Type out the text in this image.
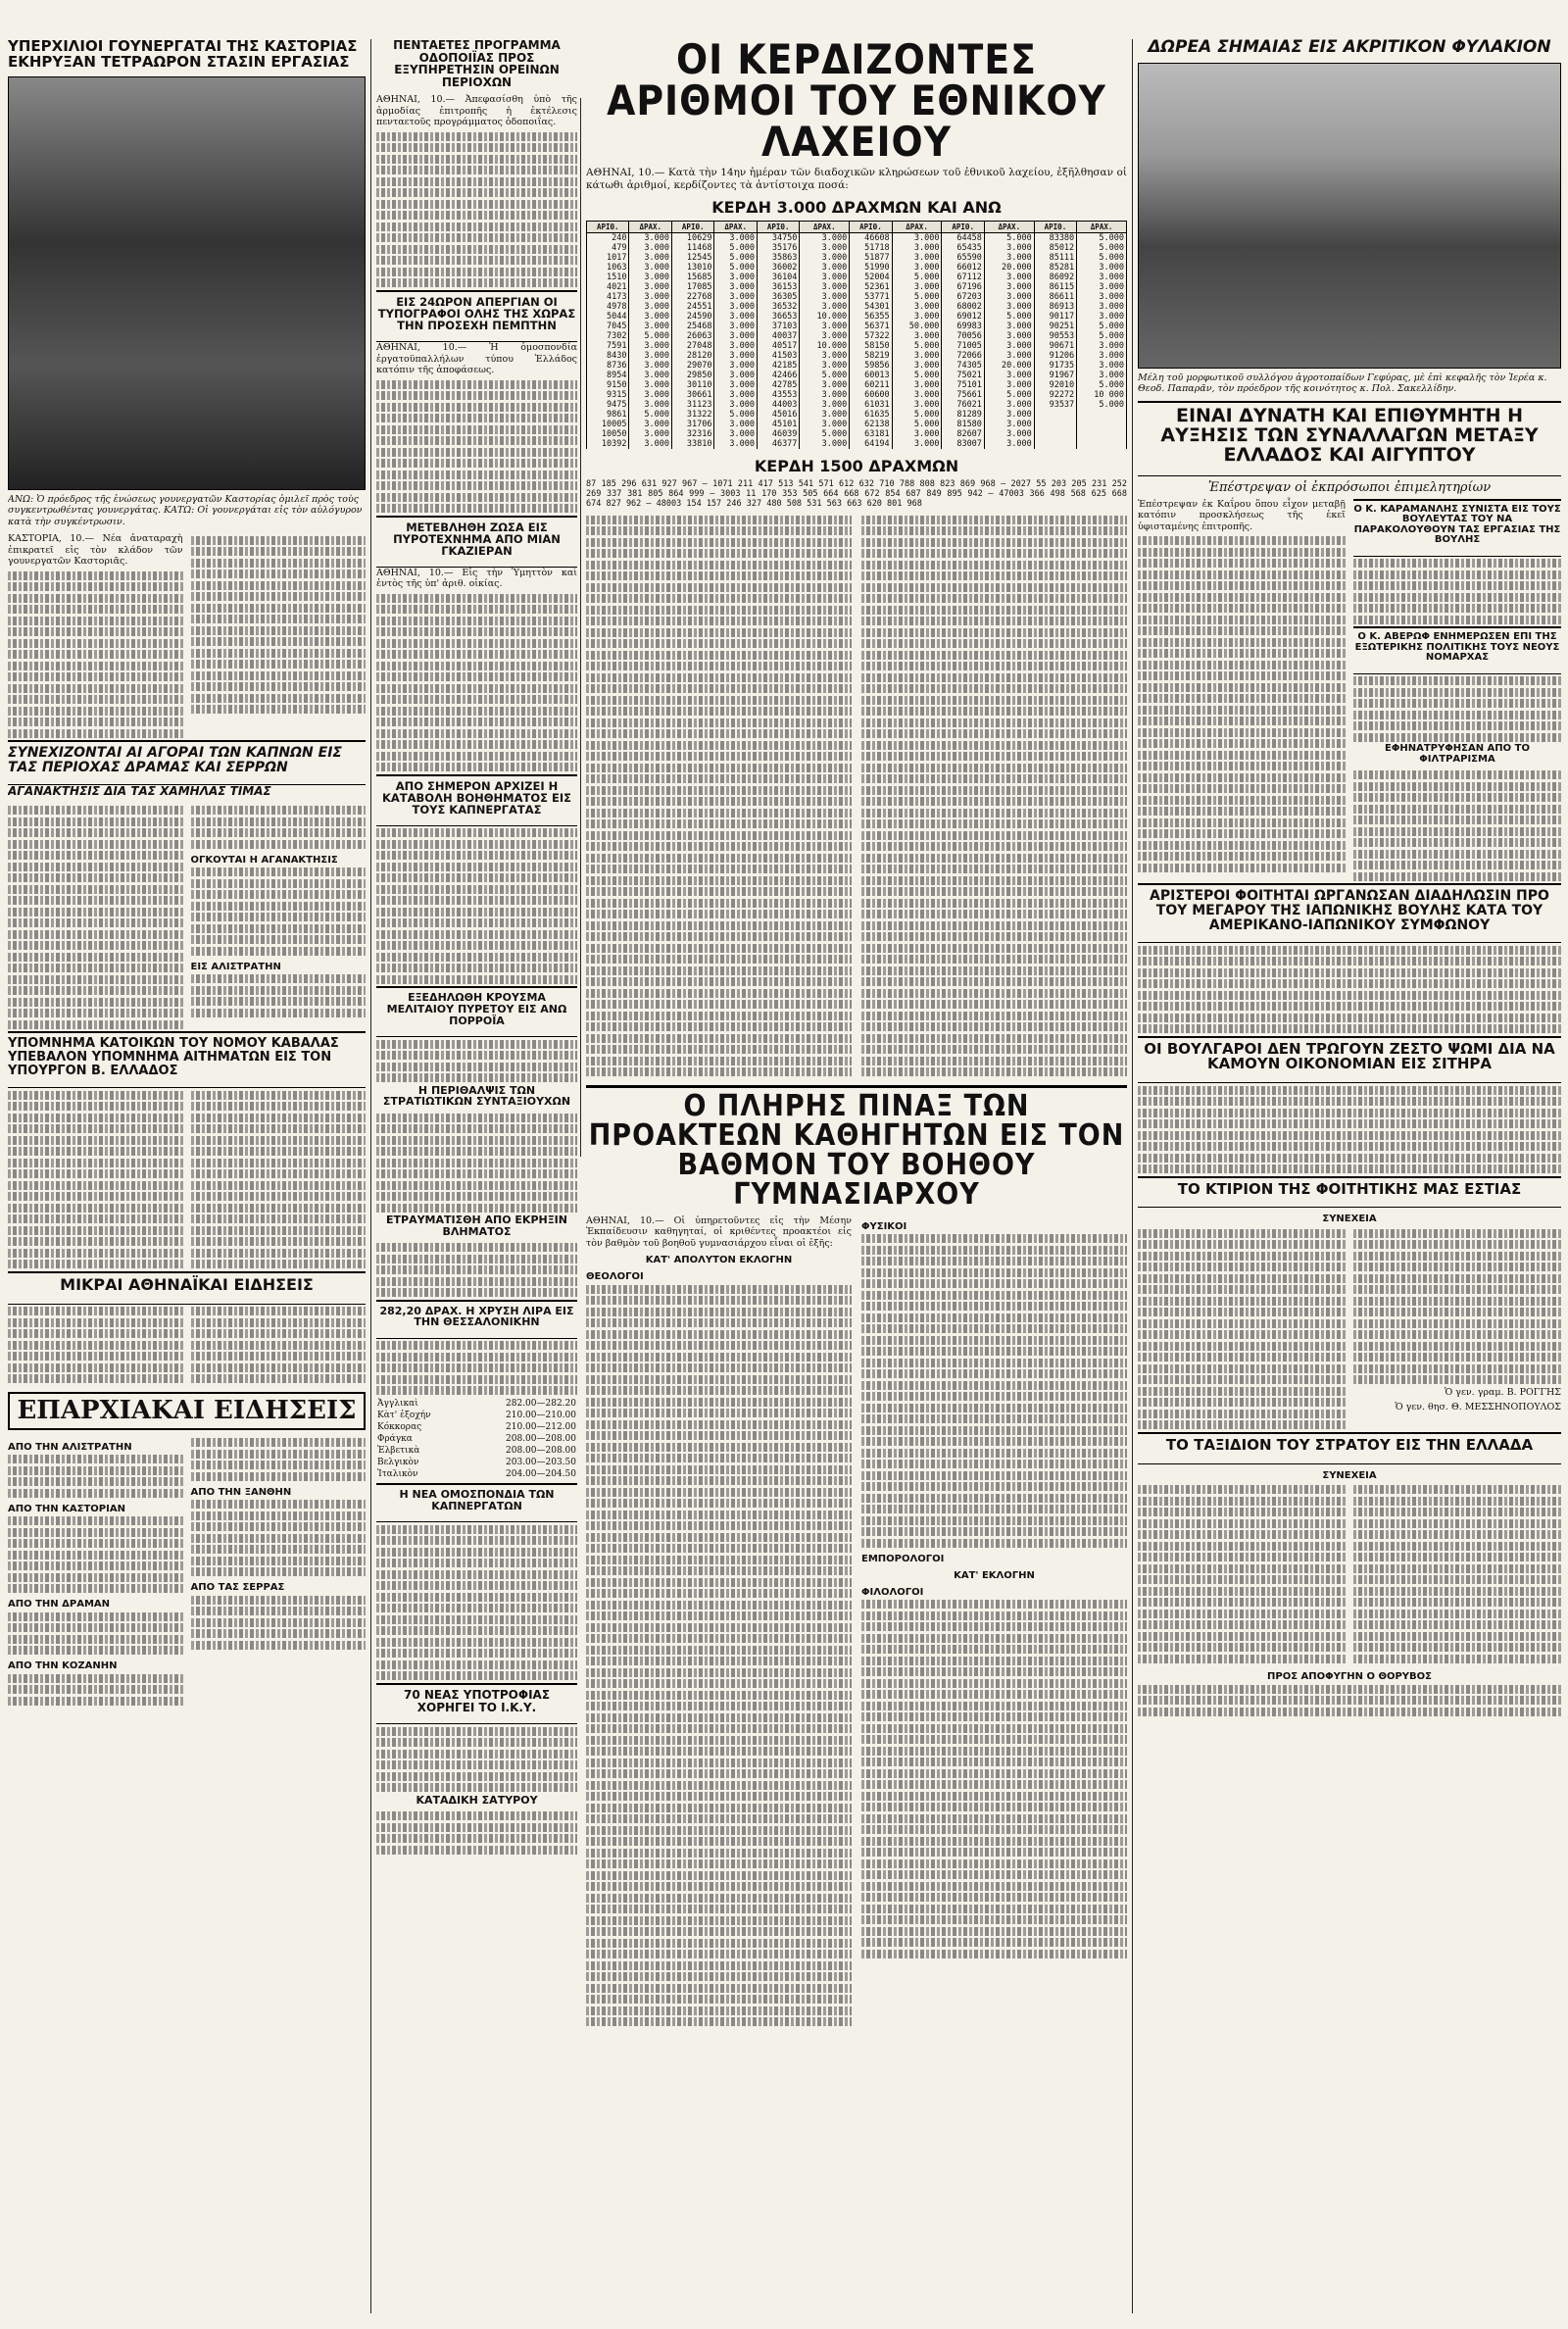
ΥΠΕΡΧΙΛΙΟΙ ΓΟΥΝΕΡΓΑΤΑΙ ΤΗΣ ΚΑΣΤΟΡΙΑΣ ΕΚΗΡΥΞΑΝ ΤΕΤΡΑΩΡΟΝ ΣΤΑΣΙΝ ΕΡΓΑΣΙΑΣ
ΑΝΩ: Ὁ πρόεδρος τῆς ἑνώσεως γουνεργατῶν Καστορίας ὁμιλεῖ πρὸς τοὺς συγκεντρωθέντας γουνεργάτας. ΚΑΤΩ: Οἱ γουνεργάται εἰς τὸν αὐλόγυρον κατὰ τὴν συγκέντρωσιν.

ΚΑΣΤΟΡΙΑ, 10.— Νέα ἀναταραχὴ ἐπικρατεῖ εἰς τὸν κλάδον τῶν γουνεργατῶν Καστοριᾶς.

ΣΥΝΕΧΙΖΟΝΤΑΙ ΑΙ ΑΓΟΡΑΙ ΤΩΝ ΚΑΠΝΩΝ ΕΙΣ ΤΑΣ ΠΕΡΙΟΧΑΣ ΔΡΑΜΑΣ ΚΑΙ ΣΕΡΡΩΝ
ΑΓΑΝΑΚΤΗΣΙΣ ΔΙΑ ΤΑΣ ΧΑΜΗΛΑΣ ΤΙΜΑΣ
ΟΓΚΟΥΤΑΙ Η ΑΓΑΝΑΚΤΗΣΙΣ
ΕΙΣ ΑΛΙΣΤΡΑΤΗΝ
ΥΠΟΜΝΗΜΑ ΚΑΤΟΙΚΩΝ ΤΟΥ ΝΟΜΟΥ ΚΑΒΑΛΑΣ ΥΠΕΒΑΛΟΝ ΥΠΟΜΝΗΜΑ ΑΙΤΗΜΑΤΩΝ ΕΙΣ ΤΟΝ ΥΠΟΥΡΓΟΝ Β. ΕΛΛΑΔΟΣ
ΜΙΚΡΑΙ ΑΘΗΝΑΪΚΑΙ ΕΙΔΗΣΕΙΣ
ΕΠΑΡΧΙΑΚΑΙ ΕΙΔΗΣΕΙΣ
ΑΠΟ ΤΗΝ ΑΛΙΣΤΡΑΤΗΝ
ΑΠΟ ΤΗΝ ΚΑΣΤΟΡΙΑΝ
ΑΠΟ ΤΗΝ ΔΡΑΜΑΝ
ΑΠΟ ΤΗΝ ΚΟΖΑΝΗΝ
ΑΠΟ ΤΗΝ ΞΑΝΘΗΝ
ΑΠΟ ΤΑΣ ΣΕΡΡΑΣ
ΠΕΝΤΑΕΤΕΣ ΠΡΟΓΡΑΜΜΑ ΟΔΟΠΟΙΪΑΣ ΠΡΟΣ ΕΞΥΠΗΡΕΤΗΣΙΝ ΟΡΕΙΝΩΝ ΠΕΡΙΟΧΩΝ

ΑΘΗΝΑΙ, 10.— Ἀπεφασίσθη ὑπὸ τῆς ἀρμοδίας ἐπιτροπῆς ἡ ἐκτέλεσις πενταετοῦς προγράμματος ὁδοποιΐας.

ΕΙΣ 24ΩΡΟΝ ΑΠΕΡΓΙΑΝ ΟΙ ΤΥΠΟΓΡΑΦΟΙ ΟΛΗΣ ΤΗΣ ΧΩΡΑΣ ΤΗΝ ΠΡΟΣΕΧΗ ΠΕΜΠΤΗΝ

ΑΘΗΝΑΙ, 10.— Ἡ ὁμοσπονδία ἐργατοϋπαλλήλων τύπου Ἑλλάδος κατόπιν τῆς ἀποφάσεως.

ΜΕΤΕΒΛΗΘΗ ΖΩΣΑ ΕΙΣ ΠΥΡΟΤΕΧΝΗΜΑ ΑΠΟ ΜΙΑΝ ΓΚΑΖΙΕΡΑΝ

ΑΘΗΝΑΙ, 10.— Εἰς τὴν Ὑμηττὸν καὶ ἐντὸς τῆς ὑπ' ἀριθ. οἰκίας.

ΑΠΟ ΣΗΜΕΡΟΝ ΑΡΧΙΖΕΙ Η ΚΑΤΑΒΟΛΗ ΒΟΗΘΗΜΑΤΟΣ ΕΙΣ ΤΟΥΣ ΚΑΠΝΕΡΓΑΤΑΣ
ΕΞΕΔΗΛΩΘΗ ΚΡΟΥΣΜΑ ΜΕΛΙΤΑΙΟΥ ΠΥΡΕΤΟΥ ΕΙΣ ΑΝΩ ΠΟΡΡΟΪΑ
Η ΠΕΡΙΘΑΛΨΙΣ ΤΩΝ ΣΤΡΑΤΙΩΤΙΚΩΝ ΣΥΝΤΑΞΙΟΥΧΩΝ
ΕΤΡΑΥΜΑΤΙΣΘΗ ΑΠΟ ΕΚΡΗΞΙΝ ΒΛΗΜΑΤΟΣ
282,20 ΔΡΑΧ. Η ΧΡΥΣΗ ΛΙΡΑ ΕΙΣ ΤΗΝ ΘΕΣΣΑΛΟΝΙΚΗΝ
Ἀγγλικαὶ	282.00—282.20
Κὰτ' ἐξοχήν	210.00—210.00
Κόκκορας	210.00—212.00
Φράγκα	208.00—208.00
Ἑλβετικὰ	208.00—208.00
Βελγικὸν	203.00—203.50
Ἰταλικὸν	204.00—204.50
Η ΝΕΑ ΟΜΟΣΠΟΝΔΙΑ ΤΩΝ ΚΑΠΝΕΡΓΑΤΩΝ
70 ΝΕΑΣ ΥΠΟΤΡΟΦΙΑΣ ΧΟΡΗΓΕΙ ΤΟ Ι.Κ.Υ.
ΚΑΤΑΔΙΚΗ ΣΑΤΥΡΟΥ
ΟΙ ΚΕΡΔΙΖΟΝΤΕΣ ΑΡΙΘΜΟΙ ΤΟΥ ΕΘΝΙΚΟΥ ΛΑΧΕΙΟΥ

ΑΘΗΝΑΙ, 10.— Κατὰ τὴν 14ην ἡμέραν τῶν διαδοχικῶν κληρώσεων τοῦ ἐθνικοῦ λαχείου, ἐξῆλθησαν οἱ κάτωθι ἀριθμοί, κερδίζοντες τὰ ἀντίστοιχα ποσά:

ΚΕΡΔΗ 3.000 ΔΡΑΧΜΩΝ ΚΑΙ ΑΝΩ
ΑΡΙΘ.	ΔΡΑΧ.	ΑΡΙΘ.	ΔΡΑΧ.	ΑΡΙΘ.	ΔΡΑΧ.	ΑΡΙΘ.	ΔΡΑΧ.	ΑΡΙΘ.	ΔΡΑΧ.	ΑΡΙΘ.	ΔΡΑΧ.
240	3.000	10629	3.000	34750	3.000	46608	3.000	64458	5.000	83380	5.000
479	3.000	11468	5.000	35176	3.000	51718	3.000	65435	3.000	85012	5.000
1017	3.000	12545	5.000	35863	3.000	51877	3.000	65590	3.000	85111	5.000
1063	3.000	13010	5.000	36002	3.000	51990	3.000	66012	20.000	85281	3.000
1510	3.000	15685	3.000	36104	3.000	52004	5.000	67112	3.000	86092	3.000
4021	3.000	17085	3.000	36153	3.000	52361	3.000	67196	3.000	86115	3.000
4173	3.000	22768	3.000	36305	3.000	53771	5.000	67203	3.000	86611	3.000
4978	3.000	24551	3.000	36532	3.000	54301	3.000	68002	3.000	86913	3.000
5044	3.000	24590	3.000	36653	10.000	56355	3.000	69012	5.000	90117	3.000
7045	3.000	25468	3.000	37103	3.000	56371	50.000	69983	3.000	90251	5.000
7302	5.000	26063	3.000	40037	3.000	57322	3.000	70056	3.000	90553	5.000
7591	3.000	27048	3.000	40517	10.000	58150	5.000	71005	3.000	90671	3.000
8430	3.000	28120	3.000	41503	3.000	58219	3.000	72066	3.000	91206	3.000
8736	3.000	29070	3.000	42185	3.000	59856	3.000	74305	20.000	91735	3.000
8954	3.000	29850	3.000	42466	5.000	60013	5.000	75021	3.000	91967	3.000
9150	3.000	30110	3.000	42785	3.000	60211	3.000	75101	3.000	92010	5.000
9315	3.000	30661	3.000	43553	3.000	60600	3.000	75661	5.000	92272	10 000
9475	3.000	31123	3.000	44003	3.000	61031	3.000	76021	3.000	93537	5.000
9861	5.000	31322	5.000	45016	3.000	61635	5.000	81289	3.000		
10005	3.000	31706	3.000	45101	3.000	62138	5.000	81580	3.000		
10050	3.000	32316	3.000	46039	5.000	63181	3.000	82607	3.000		
10392	3.000	33810	3.000	46377	3.000	64194	3.000	83007	3.000		
ΚΕΡΔΗ 1500 ΔΡΑΧΜΩΝ

87 185 296 631 927 967 — 1071 211 417 513 541 571 612 632 710 788 808 823 869 968 — 2027 55 203 205 231 252 269 337 381 805 864 999 — 3003 11 170 353 505 664 668 672 854 687 849 895 942 — 47003 366 498 568 625 668 674 827 962 — 48003 154 157 246 327 480 508 531 563 663 620 801 968

Ο ΠΛΗΡΗΣ ΠΙΝΑΞ ΤΩΝ ΠΡΟΑΚΤΕΩΝ ΚΑΘΗΓΗΤΩΝ ΕΙΣ ΤΟΝ ΒΑΘΜΟΝ ΤΟΥ ΒΟΗΘΟΥ ΓΥΜΝΑΣΙΑΡΧΟΥ

ΑΘΗΝΑΙ, 10.— Οἱ ὑπηρετοῦντες εἰς τὴν Μέσην Ἐκπαίδευσιν καθηγηταί, οἱ κριθέντες προακτέοι εἰς τὸν βαθμὸν τοῦ βοηθοῦ γυμνασιάρχου εἶναι οἱ ἑξῆς:

ΚΑΤ' ΑΠΟΛΥΤΟΝ ΕΚΛΟΓΗΝ
ΘΕΟΛΟΓΟΙ
ΦΥΣΙΚΟΙ
ΕΜΠΟΡΟΛΟΓΟΙ
ΚΑΤ' ΕΚΛΟΓΗΝ
ΦΙΛΟΛΟΓΟΙ
ΔΩΡΕΑ ΣΗΜΑΙΑΣ ΕΙΣ ΑΚΡΙΤΙΚΟΝ ΦΥΛΑΚΙΟΝ
Μέλη τοῦ μορφωτικοῦ συλλόγου ἀγροτοπαίδων Γεφύρας, μὲ ἐπὶ κεφαλῆς τὸν Ἱερέα κ. Θεοδ. Παπαρᾶν, τὸν πρόεδρον τῆς κοινότητος κ. Πολ. Σακελλίδην.
ΕΙΝΑΙ ΔΥΝΑΤΗ ΚΑΙ ΕΠΙΘΥΜΗΤΗ Η ΑΥΞΗΣΙΣ ΤΩΝ ΣΥΝΑΛΛΑΓΩΝ ΜΕΤΑΞΥ ΕΛΛΑΔΟΣ ΚΑΙ ΑΙΓΥΠΤΟΥ
Ἐπέστρεψαν οἱ ἐκπρόσωποι ἐπιμελητηρίων

Ἐπέστρεψαν ἐκ Καΐρου ὅπου εἶχον μεταβῇ κατόπιν προσκλήσεως τῆς ἐκεῖ ὑφισταμένης ἐπιτροπῆς.

Ο Κ. ΚΑΡΑΜΑΝΛΗΣ ΣΥΝΙΣΤΑ ΕΙΣ ΤΟΥΣ ΒΟΥΛΕΥΤΑΣ ΤΟΥ ΝΑ ΠΑΡΑΚΟΛΟΥΘΟΥΝ ΤΑΣ ΕΡΓΑΣΙΑΣ ΤΗΣ ΒΟΥΛΗΣ
Ο Κ. ΑΒΕΡΩΦ ΕΝΗΜΕΡΩΣΕΝ ΕΠΙ ΤΗΣ ΕΞΩΤΕΡΙΚΗΣ ΠΟΛΙΤΙΚΗΣ ΤΟΥΣ ΝΕΟΥΣ ΝΟΜΑΡΧΑΣ
ΕΦΗΝΑΤΡΥΦΗΣΑΝ ΑΠΟ ΤΟ ΦΙΛΤΡΑΡΙΣΜΑ
ΑΡΙΣΤΕΡΟΙ ΦΟΙΤΗΤΑΙ ΩΡΓΑΝΩΣΑΝ ΔΙΑΔΗΛΩΣΙΝ ΠΡΟ ΤΟΥ ΜΕΓΑΡΟΥ ΤΗΣ ΙΑΠΩΝΙΚΗΣ ΒΟΥΛΗΣ ΚΑΤΑ ΤΟΥ ΑΜΕΡΙΚΑΝΟ-ΙΑΠΩΝΙΚΟΥ ΣΥΜΦΩΝΟΥ
ΟΙ ΒΟΥΛΓΑΡΟΙ ΔΕΝ ΤΡΩΓΟΥΝ ΖΕΣΤΟ ΨΩΜΙ ΔΙΑ ΝΑ ΚΑΜΟΥΝ ΟΙΚΟΝΟΜΙΑΝ ΕΙΣ ΣΙΤΗΡΑ
ΤΟ ΚΤΙΡΙΟΝ ΤΗΣ ΦΟΙΤΗΤΙΚΗΣ ΜΑΣ ΕΣΤΙΑΣ
ΣΥΝΕΧΕΙΑ

Ὁ γεν. γραμ. Β. ΡΟΓΓΗΣ

Ὁ γεν. θησ. Θ. ΜΕΣΣΗΝΟΠΟΥΛΟΣ

ΤΟ ΤΑΞΙΔΙΟΝ ΤΟΥ ΣΤΡΑΤΟΥ ΕΙΣ ΤΗΝ ΕΛΛΑΔΑ
ΣΥΝΕΧΕΙΑ
ΠΡΟΣ ΑΠΟΦΥΓΗΝ Ο ΘΟΡΥΒΟΣ
